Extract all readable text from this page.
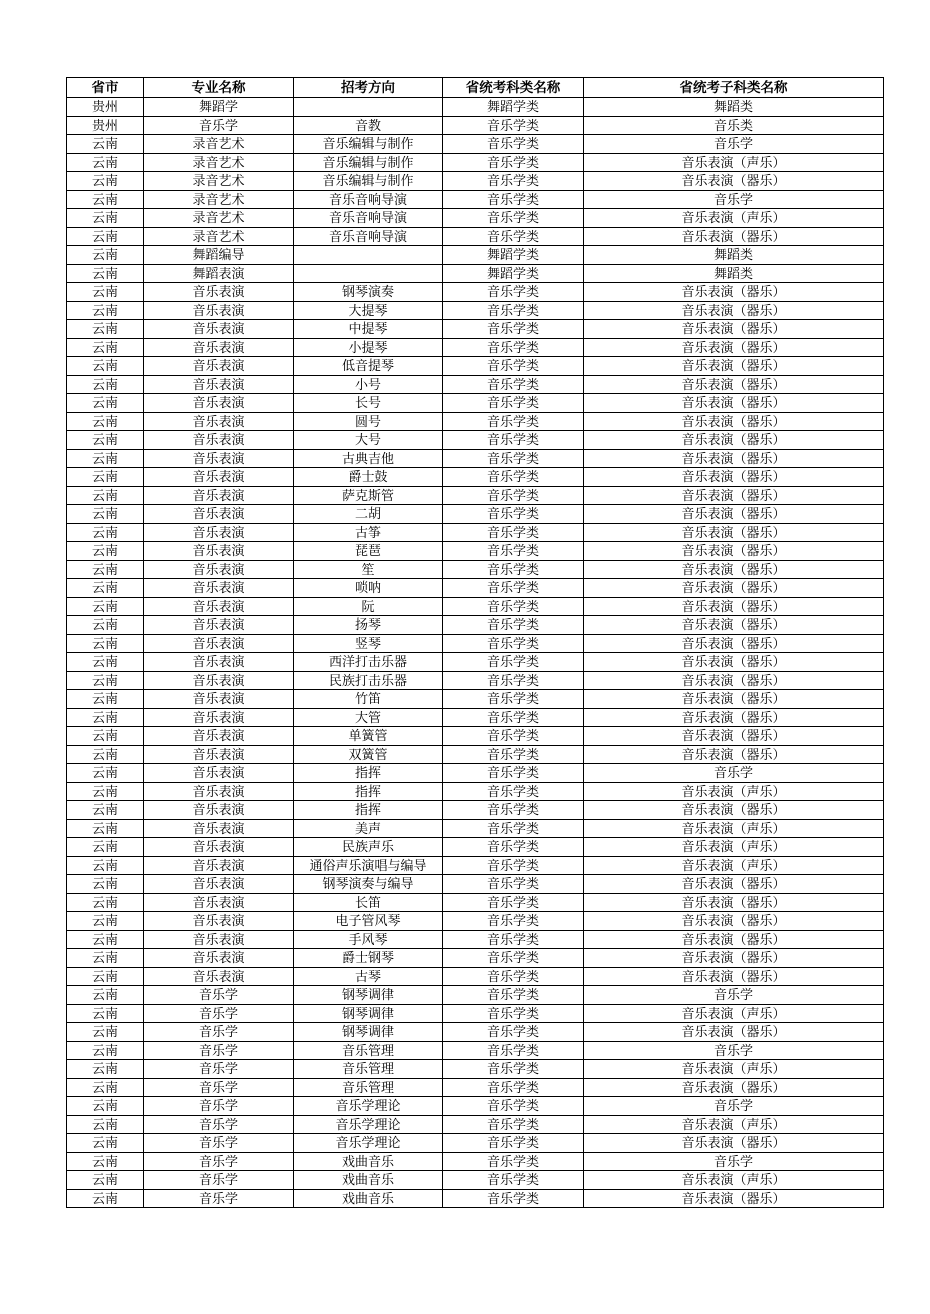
省市	专业名称	招考方向	省统考科类名称	省统考子科类名称
贵州	舞蹈学		舞蹈学类	舞蹈类
贵州	音乐学	音教	音乐学类	音乐类
云南	录音艺术	音乐编辑与制作	音乐学类	音乐学
云南	录音艺术	音乐编辑与制作	音乐学类	音乐表演（声乐）
云南	录音艺术	音乐编辑与制作	音乐学类	音乐表演（器乐）
云南	录音艺术	音乐音响导演	音乐学类	音乐学
云南	录音艺术	音乐音响导演	音乐学类	音乐表演（声乐）
云南	录音艺术	音乐音响导演	音乐学类	音乐表演（器乐）
云南	舞蹈编导		舞蹈学类	舞蹈类
云南	舞蹈表演		舞蹈学类	舞蹈类
云南	音乐表演	钢琴演奏	音乐学类	音乐表演（器乐）
云南	音乐表演	大提琴	音乐学类	音乐表演（器乐）
云南	音乐表演	中提琴	音乐学类	音乐表演（器乐）
云南	音乐表演	小提琴	音乐学类	音乐表演（器乐）
云南	音乐表演	低音提琴	音乐学类	音乐表演（器乐）
云南	音乐表演	小号	音乐学类	音乐表演（器乐）
云南	音乐表演	长号	音乐学类	音乐表演（器乐）
云南	音乐表演	圆号	音乐学类	音乐表演（器乐）
云南	音乐表演	大号	音乐学类	音乐表演（器乐）
云南	音乐表演	古典吉他	音乐学类	音乐表演（器乐）
云南	音乐表演	爵士鼓	音乐学类	音乐表演（器乐）
云南	音乐表演	萨克斯管	音乐学类	音乐表演（器乐）
云南	音乐表演	二胡	音乐学类	音乐表演（器乐）
云南	音乐表演	古筝	音乐学类	音乐表演（器乐）
云南	音乐表演	琵琶	音乐学类	音乐表演（器乐）
云南	音乐表演	笙	音乐学类	音乐表演（器乐）
云南	音乐表演	唢呐	音乐学类	音乐表演（器乐）
云南	音乐表演	阮	音乐学类	音乐表演（器乐）
云南	音乐表演	扬琴	音乐学类	音乐表演（器乐）
云南	音乐表演	竖琴	音乐学类	音乐表演（器乐）
云南	音乐表演	西洋打击乐器	音乐学类	音乐表演（器乐）
云南	音乐表演	民族打击乐器	音乐学类	音乐表演（器乐）
云南	音乐表演	竹笛	音乐学类	音乐表演（器乐）
云南	音乐表演	大管	音乐学类	音乐表演（器乐）
云南	音乐表演	单簧管	音乐学类	音乐表演（器乐）
云南	音乐表演	双簧管	音乐学类	音乐表演（器乐）
云南	音乐表演	指挥	音乐学类	音乐学
云南	音乐表演	指挥	音乐学类	音乐表演（声乐）
云南	音乐表演	指挥	音乐学类	音乐表演（器乐）
云南	音乐表演	美声	音乐学类	音乐表演（声乐）
云南	音乐表演	民族声乐	音乐学类	音乐表演（声乐）
云南	音乐表演	通俗声乐演唱与编导	音乐学类	音乐表演（声乐）
云南	音乐表演	钢琴演奏与编导	音乐学类	音乐表演（器乐）
云南	音乐表演	长笛	音乐学类	音乐表演（器乐）
云南	音乐表演	电子管风琴	音乐学类	音乐表演（器乐）
云南	音乐表演	手风琴	音乐学类	音乐表演（器乐）
云南	音乐表演	爵士钢琴	音乐学类	音乐表演（器乐）
云南	音乐表演	古琴	音乐学类	音乐表演（器乐）
云南	音乐学	钢琴调律	音乐学类	音乐学
云南	音乐学	钢琴调律	音乐学类	音乐表演（声乐）
云南	音乐学	钢琴调律	音乐学类	音乐表演（器乐）
云南	音乐学	音乐管理	音乐学类	音乐学
云南	音乐学	音乐管理	音乐学类	音乐表演（声乐）
云南	音乐学	音乐管理	音乐学类	音乐表演（器乐）
云南	音乐学	音乐学理论	音乐学类	音乐学
云南	音乐学	音乐学理论	音乐学类	音乐表演（声乐）
云南	音乐学	音乐学理论	音乐学类	音乐表演（器乐）
云南	音乐学	戏曲音乐	音乐学类	音乐学
云南	音乐学	戏曲音乐	音乐学类	音乐表演（声乐）
云南	音乐学	戏曲音乐	音乐学类	音乐表演（器乐）
